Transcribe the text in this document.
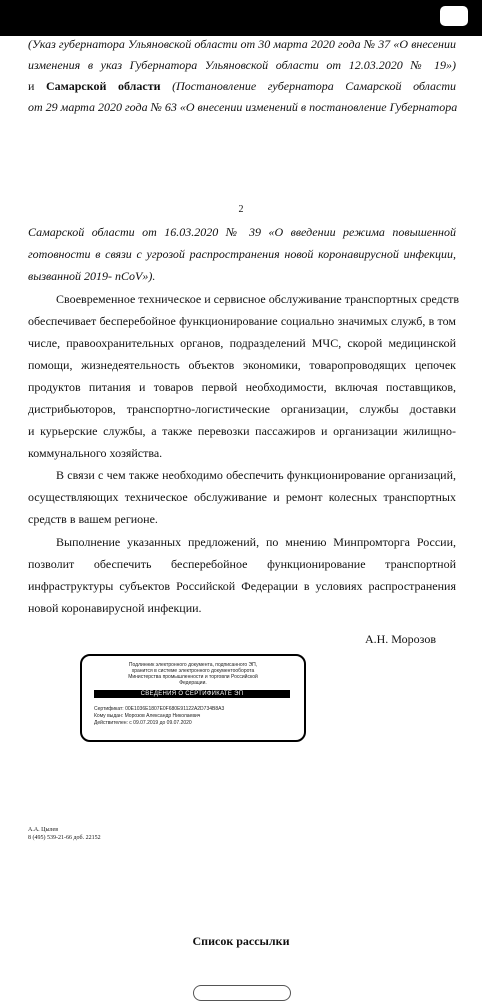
(Указ губернатора Ульяновской области от 30 марта 2020 года № 37 «О внесении
изменения в указ Губернатора Ульяновской области от 12.03.2020 № 19»)
и Самарской области (Постановление губернатора Самарской области
от 29 марта 2020 года № 63 «О внесении изменений в постановление Губернатора
2
Самарской области от 16.03.2020 № 39 «О введении режима повышенной
готовности в связи с угрозой распространения новой коронавирусной инфекции,
вызванной 2019- nCoV»).
Своевременное техническое и сервисное обслуживание транспортных средств
обеспечивает бесперебойное функционирование социально значимых служб, в том
числе, правоохранительных органов, подразделений МЧС, скорой медицинской
помощи, жизнедеятельность объектов экономики, товаропроводящих цепочек
продуктов питания и товаров первой необходимости, включая поставщиков,
дистрибьюторов, транспортно-логистические организации, службы доставки
и курьерские службы, а также перевозки пассажиров и организации жилищно-
коммунального хозяйства.
В связи с чем также необходимо обеспечить функционирование организаций,
осуществляющих техническое обслуживание и ремонт колесных транспортных
средств в вашем регионе.
Выполнение указанных предложений, по мнению Минпромторга России,
позволит обеспечить бесперебойное функционирование транспортной
инфраструктуры субъектов Российской Федерации в условиях распространения
новой коронавирусной инфекции.
А.Н. Морозов
Подлинник электронного документа, подписанного ЭП,
хранится в системе электронного документооборота
Министерства промышленности и торговли Российской
Федерации.
СВЕДЕНИЯ О СЕРТИФИКАТЕ ЭП
Сертификат: 00E1036E1807E0F680E91122A2D734B8A3
Кому выдан: Морозов Александр Николаевич
Действителен: с 09.07.2019 до 09.07.2020
А.А. Цылев
8 (495) 539-21-66 доб. 22152
Список рассылки
